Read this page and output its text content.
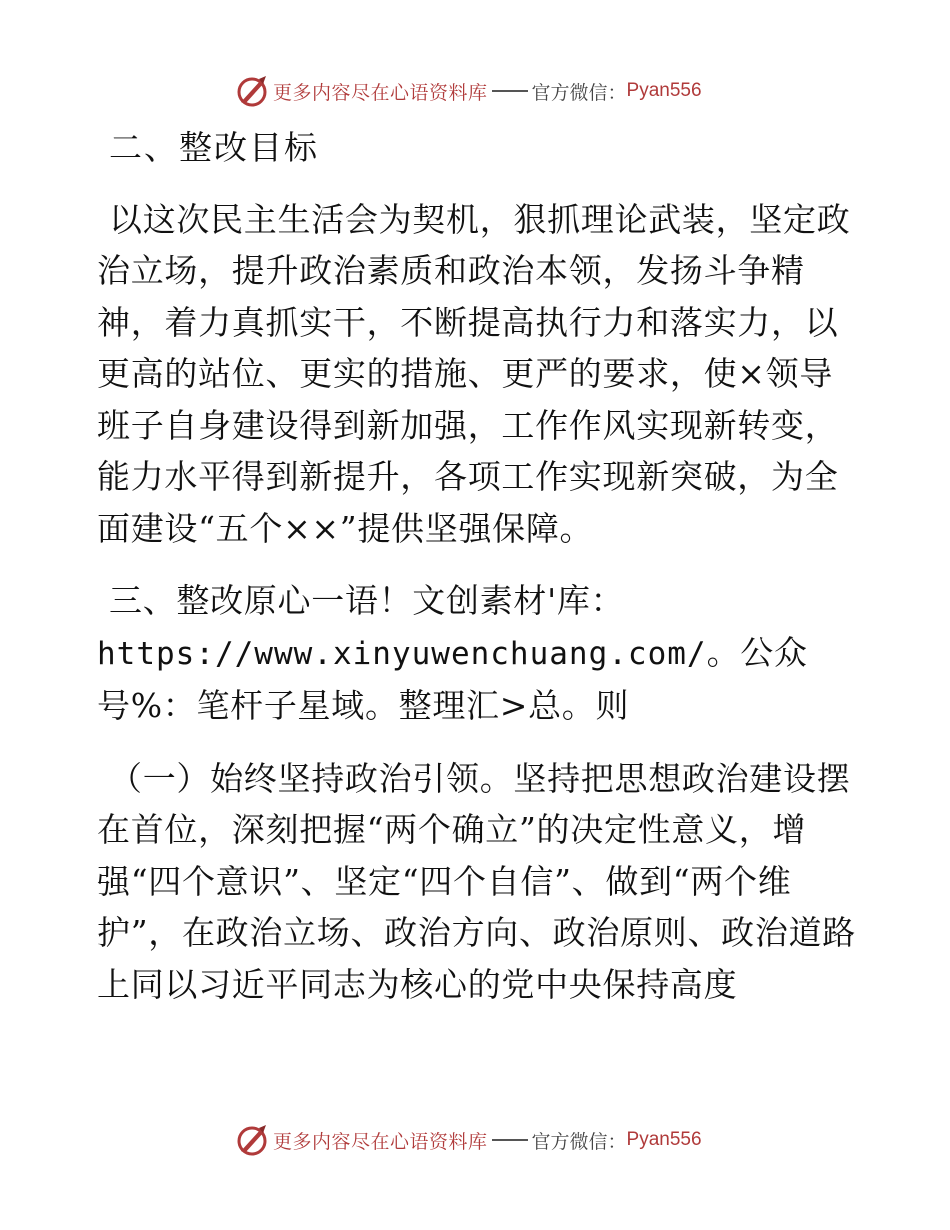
更多内容尽在心语资料库 官方微信： Pyan556
二、整改目标

以这次民主生活会为契机，狠抓理论武装，坚定政治立场，提升政治素质和政治本领，发扬斗争精神，着力真抓实干，不断提高执行力和落实力，以更高的站位、更实的措施、更严的要求，使×领导班子自身建设得到新加强，工作作风实现新转变，能力水平得到新提升，各项工作实现新突破，为全面建设“五个××”提供坚强保障。

三、整改原心一语！文创素材'库：https://www.xinyuwenchuang.com/。公众号%：笔杆子星域。整理汇>总。则

（一）始终坚持政治引领。坚持把思想政治建设摆在首位，深刻把握“两个确立”的决定性意义，增强“四个意识”、坚定“四个自信”、做到“两个维护”，在政治立场、政治方向、政治原则、政治道路上同以习近平同志为核心的党中央保持高度

更多内容尽在心语资料库 官方微信： Pyan556
